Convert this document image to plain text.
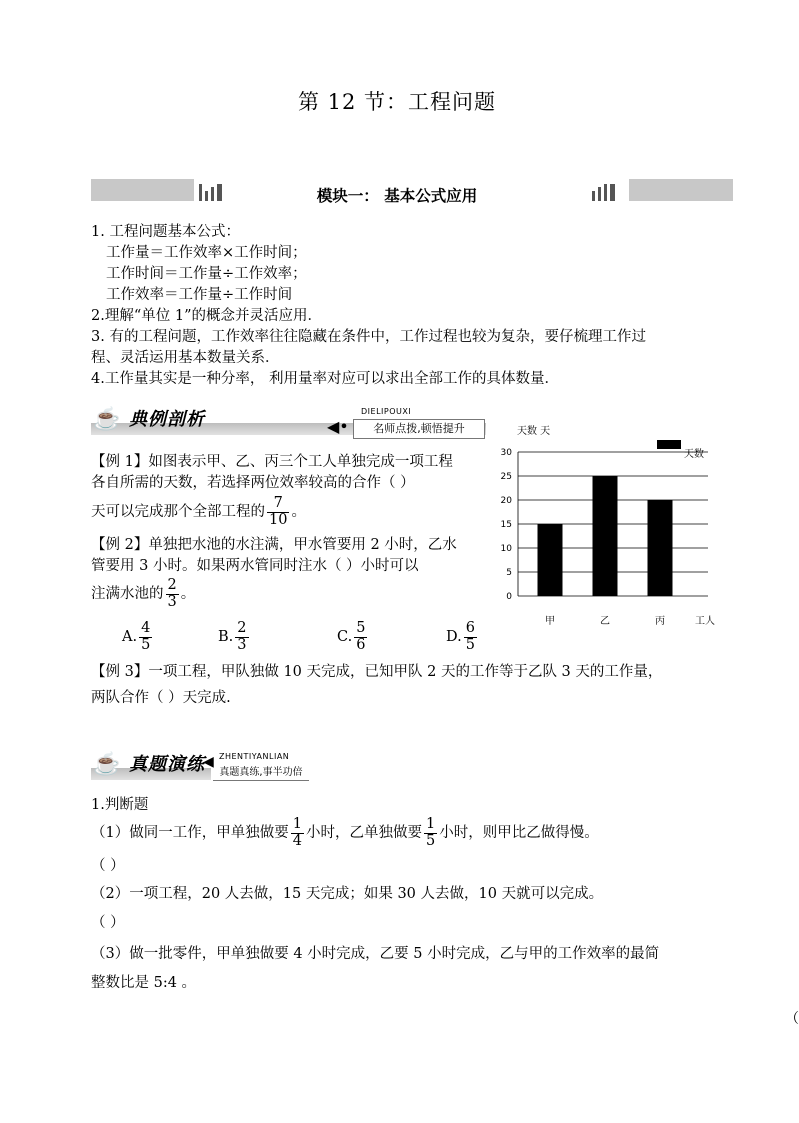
第 12 节：工程问题
模块一： 基本公式应用
1. 工程问题基本公式：
工作量＝工作效率×工作时间；
工作时间＝工作量÷工作效率；
工作效率＝工作量÷工作时间
2.理解“单位 1”的概念并灵活应用．
3. 有的工程问题，工作效率往往隐藏在条件中，工作过程也较为复杂，要仔梳理工作过
程、灵活运用基本数量关系．
4.工作量其实是一种分率， 利用量率对应可以求出全部工作的具体数量．
☕ 典例剖析	◀•
DIELIPOUXI
名师点拨,顿悟提升
【例 1】如图表示甲、乙、丙三个工人单独完成一项工程
各自所需的天数，若选择两位效率较高的合作（ ）
天可以完成那个全部工程的 $\frac{7}{10}$ 。
【例 2】单独把水池的水注满，甲水管要用 2 小时，乙水
管要用 3 小时。如果两水管同时注水（ ）小时可以
注满水池的 $\frac{2}{3}$ 。
A. $\frac{4}{5}$	B. $\frac{2}{3}$	C. $\frac{5}{6}$	D. $\frac{6}{5}$
【例 3】一项工程，甲队独做 10 天完成，已知甲队 2 天的工作等于乙队 3 天的工作量，
两队合作（ ）天完成.
天数 天
0
5
10
15
20
25
30
甲	乙	丙
天数
工人
☕ 真题演练
◀ ZHENTIYANLIAN
真题真练,事半功倍
1.判断题
（1）做同一工作，甲单独做要 $\frac{1}{4}$ 小时，乙单独做要 $\frac{1}{5}$ 小时，则甲比乙做得慢。
（ ）
（2）一项工程，20 人去做，15 天完成；如果 30 人去做，10 天就可以完成。
（ ）
（3）做一批零件，甲单独做要 4 小时完成，乙要 5 小时完成，乙与甲的工作效率的最简
整数比是 5:4 。
（
